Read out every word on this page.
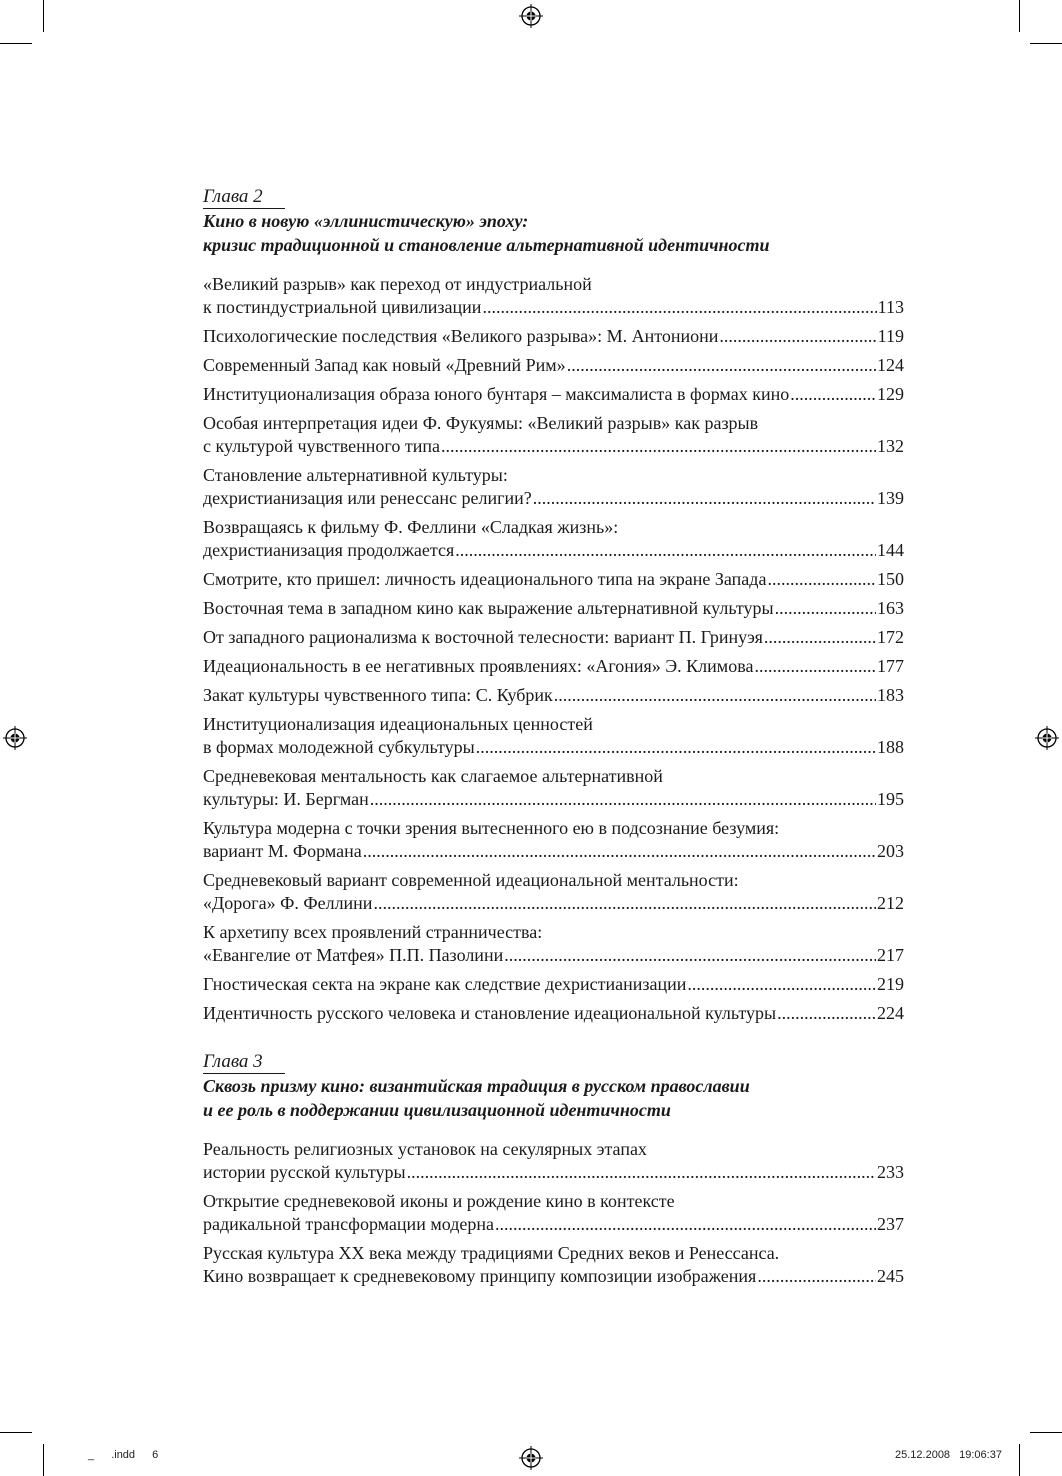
Глава 2
Кино в новую «эллинистическую» эпоху:
кризис традиционной и становление альтернативной идентичности
«Великий разрыв» как переход от индустриальной
к постиндустриальной цивилизации .....	113
Психологические последствия «Великого разрыва»: М. Антониони .....	119
Современный Запад как новый «Древний Рим» .....	124
Институционализация образа юного бунтаря – максималиста в формах кино .....	129
Особая интерпретация идеи Ф. Фукуямы: «Великий разрыв» как разрыв
с культурой чувственного типа .....	132
Становление альтернативной культуры:
дехристианизация или ренессанс религии? .....	139
Возвращаясь к фильму Ф. Феллини «Сладкая жизнь»:
дехристианизация продолжается .....	144
Смотрите, кто пришел: личность идеационального типа на экране Запада .....	150
Восточная тема в западном кино как выражение альтернативной культуры .....	163
От западного рационализма к восточной телесности: вариант П. Гринуэя .....	172
Идеациональность в ее негативных проявлениях: «Агония» Э. Климова .....	177
Закат культуры чувственного типа: С. Кубрик .....	183
Институционализация идеациональных ценностей
в формах молодежной субкультуры .....	188
Средневековая ментальность как слагаемое альтернативной
культуры: И. Бергман .....	195
Культура модерна с точки зрения вытесненного ею в подсознание безумия:
вариант М. Формана .....	203
Средневековый вариант современной идеациональной ментальности:
«Дорога» Ф. Феллини .....	212
К архетипу всех проявлений странничества:
«Евангелие от Матфея» П.П. Пазолини .....	217
Гностическая секта на экране как следствие дехристианизации .....	219
Идентичность русского человека и становление идеациональной культуры .....	224
Глава 3
Сквозь призму кино: византийская традиция в русском православии
и ее роль в поддержании цивилизационной идентичности
Реальность религиозных установок на секулярных этапах
истории русской культуры .....	233
Открытие средневековой иконы и рождение кино в контексте
радикальной трансформации модерна .....	237
Русская культура XX века между традициями Средних веков и Ренессанса.
Кино возвращает к средневековому принципу композиции изображения .....	245
_ .indd 6	25.12.2008 19:06:37
